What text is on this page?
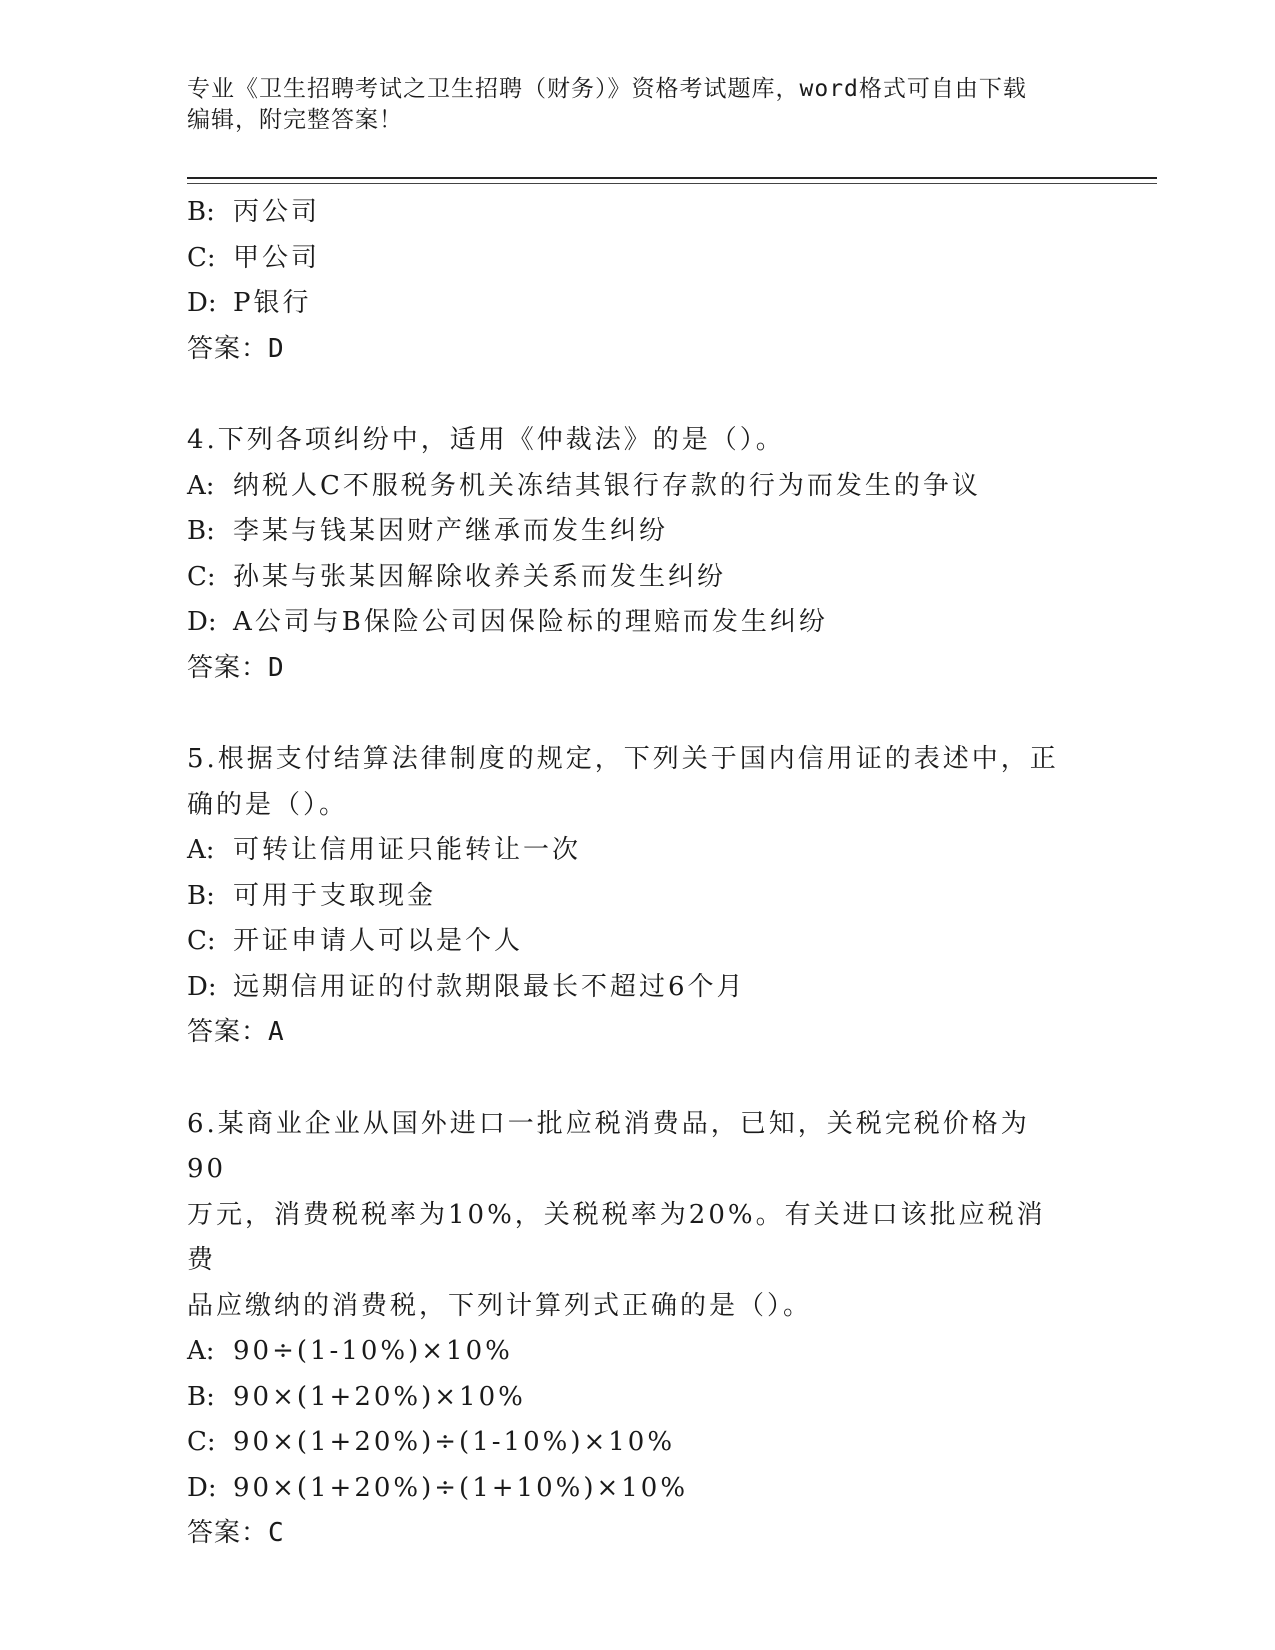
专业《卫生招聘考试之卫生招聘（财务）》资格考试题库，word格式可自由下载
编辑，附完整答案！
B: 丙公司
C: 甲公司
D: P银行
答案：D
4.下列各项纠纷中，适用《仲裁法》的是（）。
A: 纳税人C不服税务机关冻结其银行存款的行为而发生的争议
B: 李某与钱某因财产继承而发生纠纷
C: 孙某与张某因解除收养关系而发生纠纷
D: A公司与B保险公司因保险标的理赔而发生纠纷
答案：D
5.根据支付结算法律制度的规定，下列关于国内信用证的表述中，正
确的是（）。
A: 可转让信用证只能转让一次
B: 可用于支取现金
C: 开证申请人可以是个人
D: 远期信用证的付款期限最长不超过6个月
答案：A
6.某商业企业从国外进口一批应税消费品，已知，关税完税价格为90
万元，消费税税率为10%，关税税率为20%。有关进口该批应税消费
品应缴纳的消费税，下列计算列式正确的是（）。
A: 90÷(1-10%)×10%
B: 90×(1+20%)×10%
C: 90×(1+20%)÷(1-10%)×10%
D: 90×(1+20%)÷(1+10%)×10%
答案：C
